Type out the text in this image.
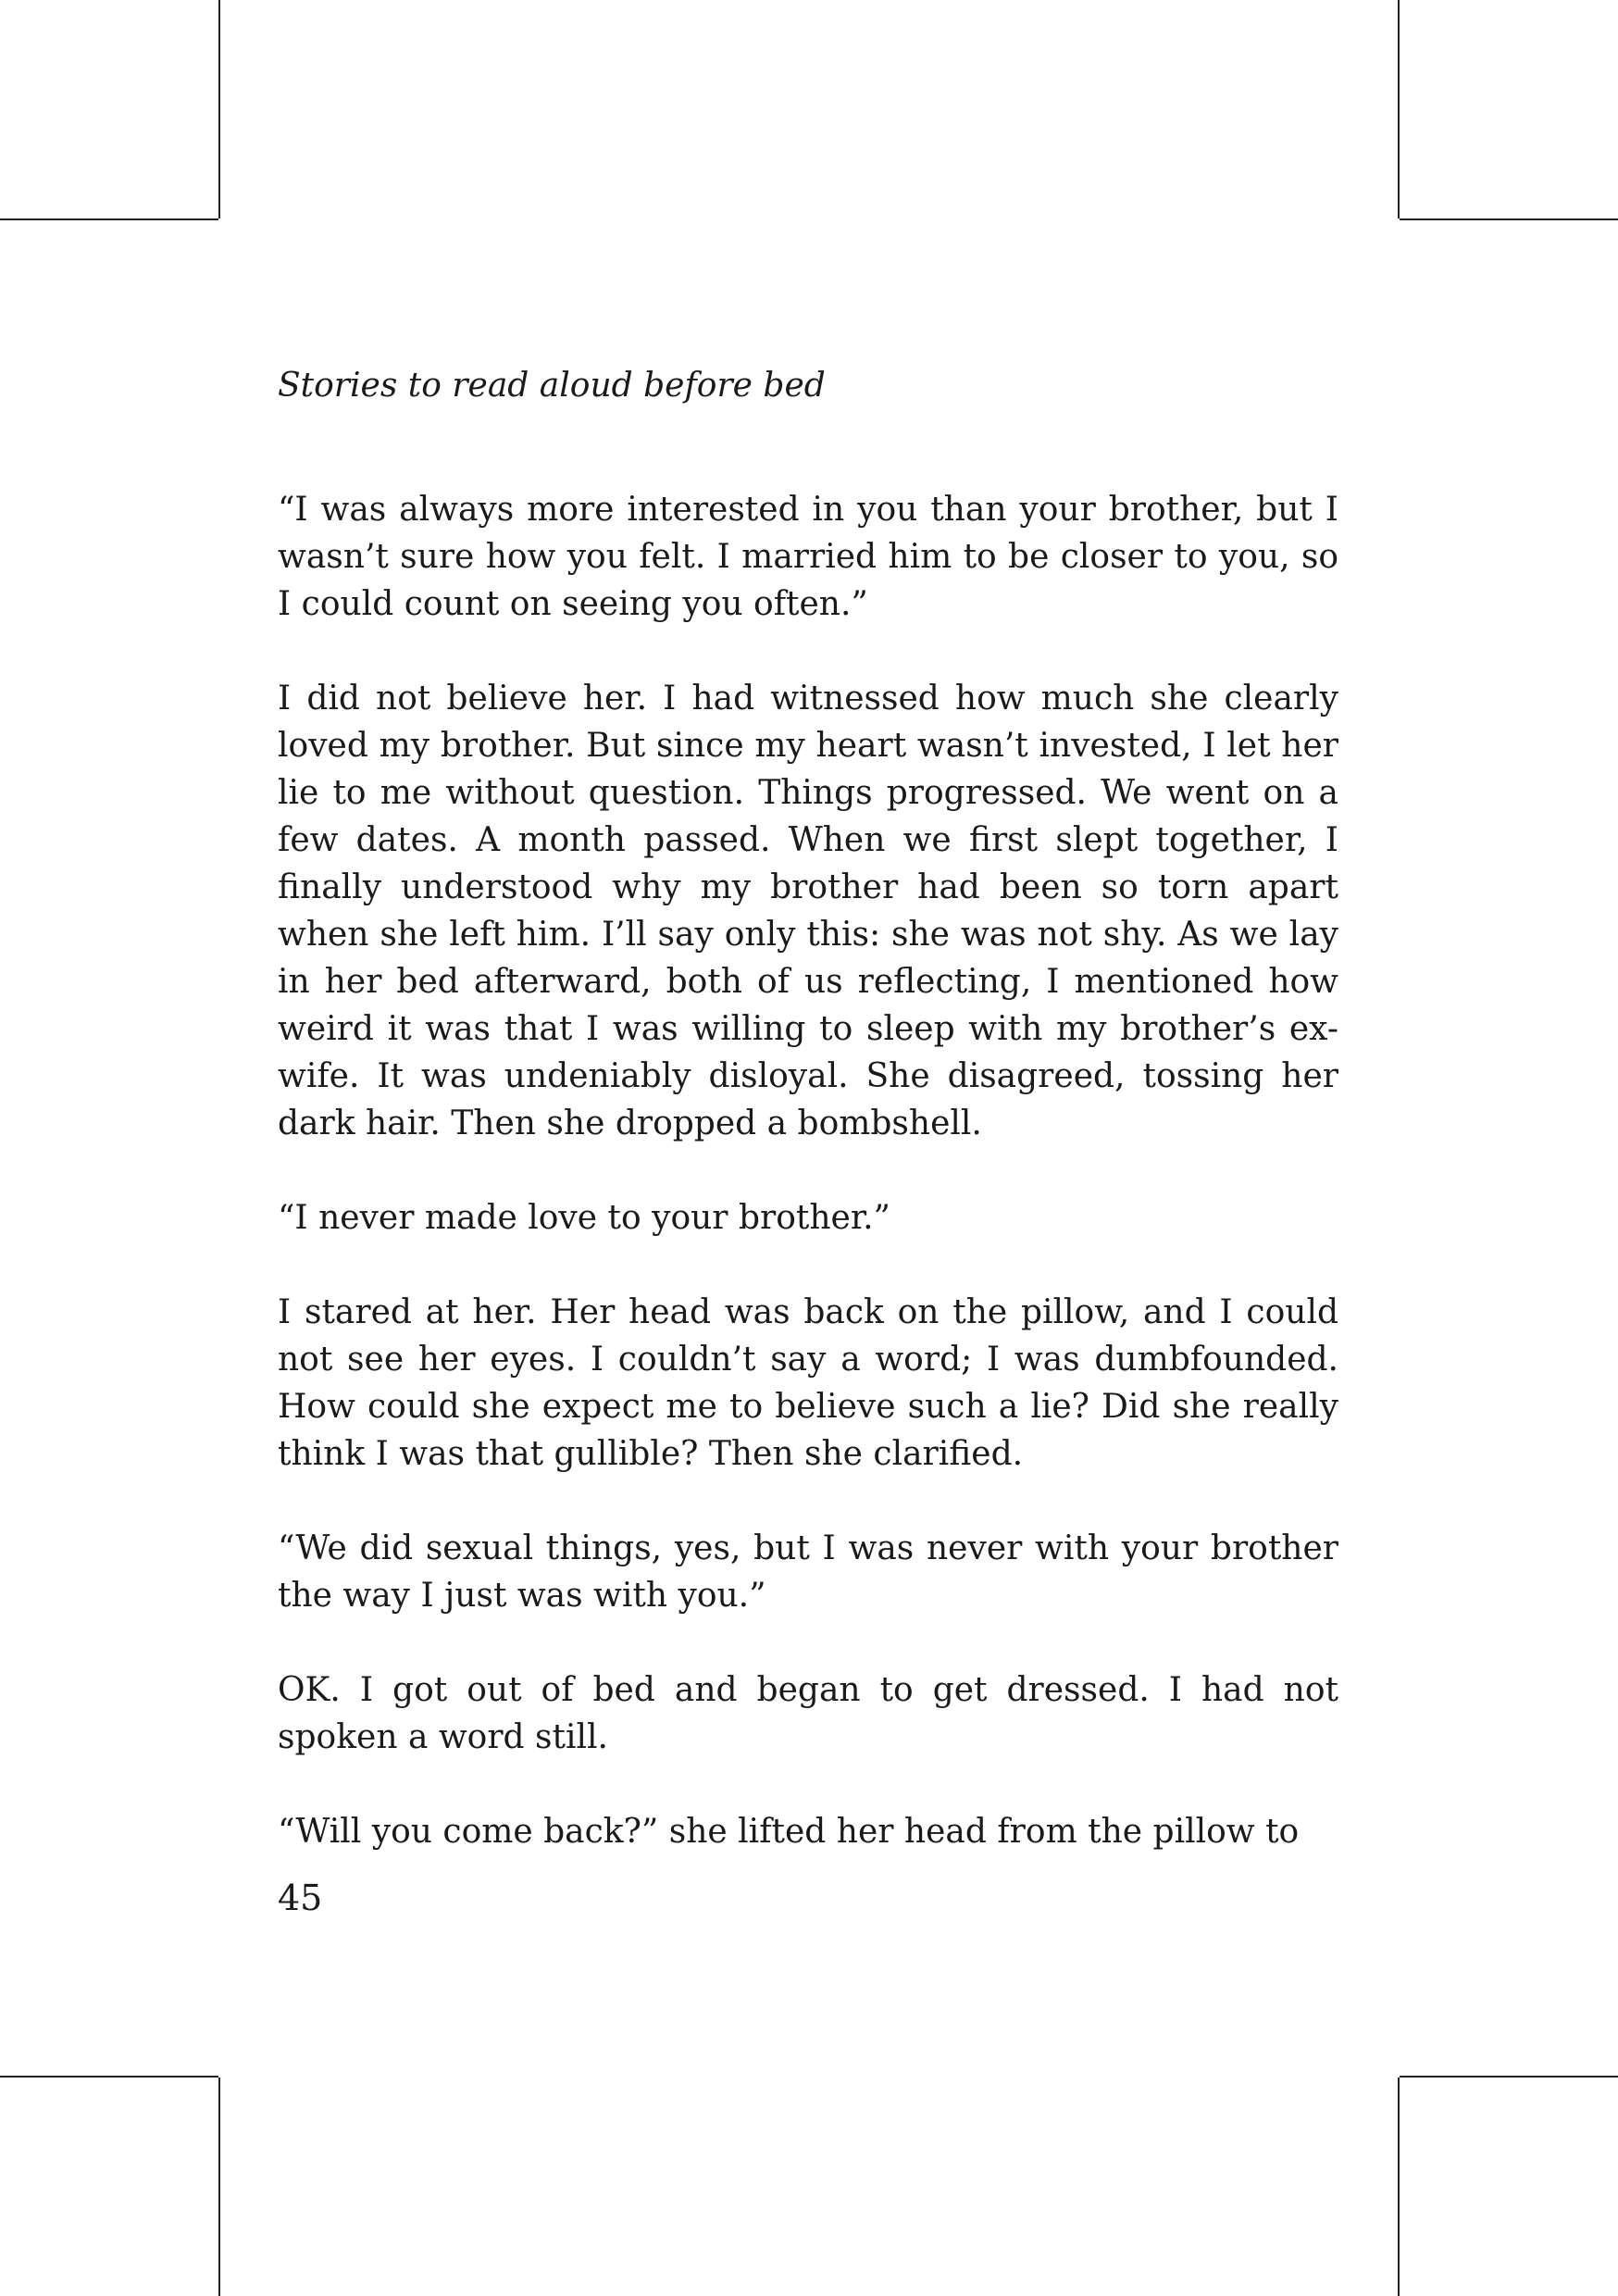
Stories to read aloud before bed

“I was always more interested in you than your brother, but I wasn’t sure how you felt. I married him to be closer to you, so I could count on seeing you often.”

I did not believe her. I had witnessed how much she clearly loved my brother. But since my heart wasn’t invested, I let her lie to me without question. Things progressed. We went on a few dates. A month passed. When we first slept together, I finally understood why my brother had been so torn apart when she left him. I’ll say only this: she was not shy. As we lay in her bed afterward, both of us reflecting, I mentioned how weird it was that I was willing to sleep with my brother’s ex-wife. It was undeniably disloyal. She disagreed, tossing her dark hair. Then she dropped a bombshell.

“I never made love to your brother.”

I stared at her. Her head was back on the pillow, and I could not see her eyes. I couldn’t say a word; I was dumbfounded. How could she expect me to believe such a lie? Did she really think I was that gullible? Then she clarified.

“We did sexual things, yes, but I was never with your brother the way I just was with you.”

OK. I got out of bed and began to get dressed. I had not spoken a word still.

“Will you come back?” she lifted her head from the pillow to

45
